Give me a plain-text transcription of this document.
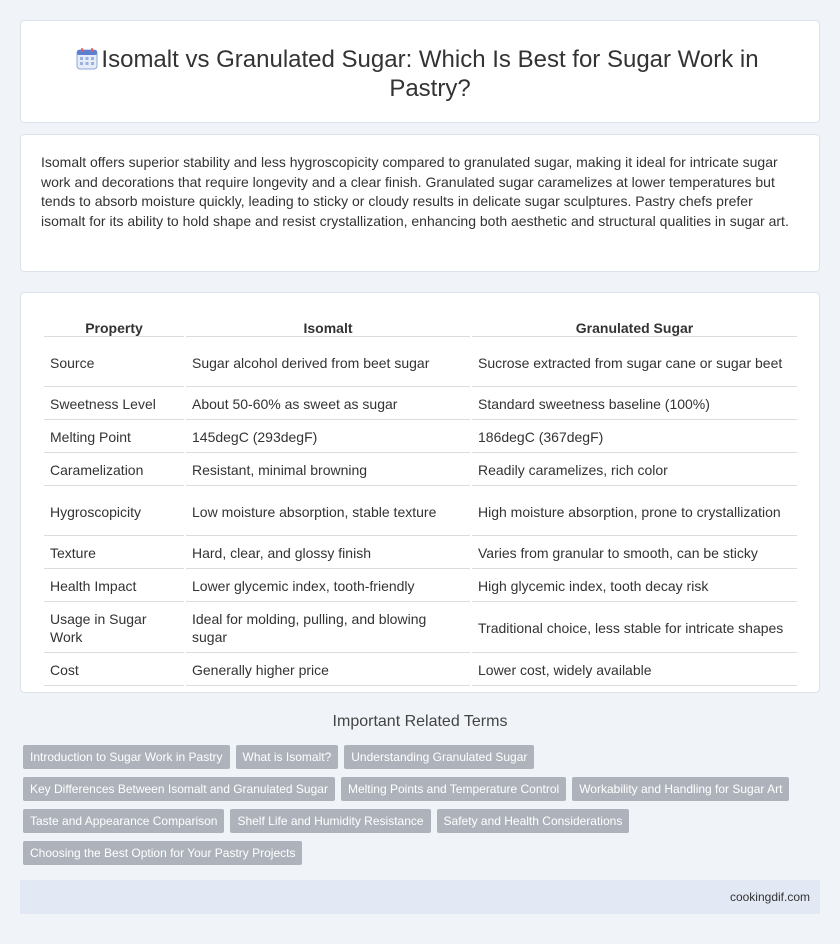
Isomalt vs Granulated Sugar: Which Is Best for Sugar Work in Pastry?

Isomalt offers superior stability and less hygroscopicity compared to granulated sugar, making it ideal for intricate sugar work and decorations that require longevity and a clear finish. Granulated sugar caramelizes at lower temperatures but tends to absorb moisture quickly, leading to sticky or cloudy results in delicate sugar sculptures. Pastry chefs prefer isomalt for its ability to hold shape and resist crystallization, enhancing both aesthetic and structural qualities in sugar art.

Property	Isomalt	Granulated Sugar
Source	Sugar alcohol derived from beet sugar	Sucrose extracted from sugar cane or sugar beet
Sweetness Level	About 50-60% as sweet as sugar	Standard sweetness baseline (100%)
Melting Point	145degC (293degF)	186degC (367degF)
Caramelization	Resistant, minimal browning	Readily caramelizes, rich color
Hygroscopicity	Low moisture absorption, stable texture	High moisture absorption, prone to crystallization
Texture	Hard, clear, and glossy finish	Varies from granular to smooth, can be sticky
Health Impact	Lower glycemic index, tooth-friendly	High glycemic index, tooth decay risk
Usage in Sugar Work	Ideal for molding, pulling, and blowing sugar	Traditional choice, less stable for intricate shapes
Cost	Generally higher price	Lower cost, widely available
Important Related Terms
Introduction to Sugar Work in Pastry	What is Isomalt?	Understanding Granulated Sugar
Key Differences Between Isomalt and Granulated Sugar	Melting Points and Temperature Control	Workability and Handling for Sugar Art
Taste and Appearance Comparison	Shelf Life and Humidity Resistance	Safety and Health Considerations
Choosing the Best Option for Your Pastry Projects
cookingdif.com
